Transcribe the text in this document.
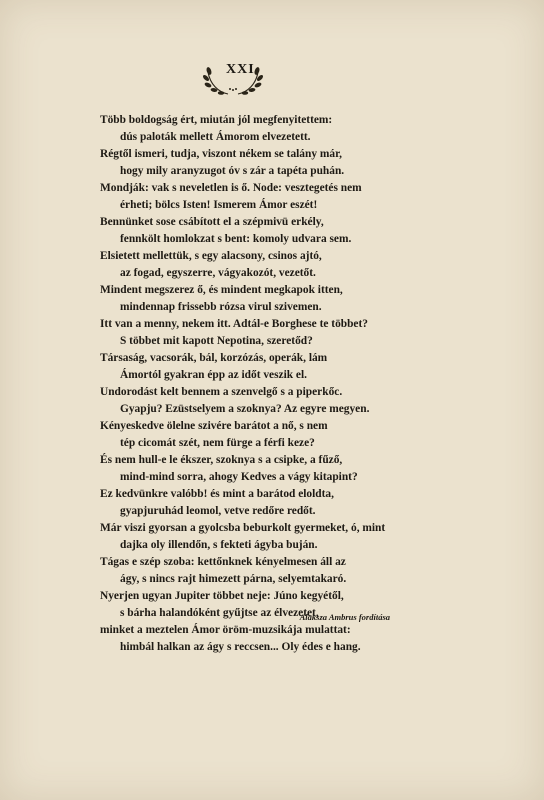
XXI
Több boldogság ért, miután jól megfenyitettem:
dús paloták mellett Ámorom elvezetett.
Régtől ismeri, tudja, viszont nékem se talány már,
hogy mily aranyzugot óv s zár a tapéta puhán.
Mondják: vak s neveletlen is ő. Node: vesztegetés nem
érheti; bölcs Isten! Ismerem Ámor eszét!
Bennünket sose csábított el a szépmivü erkély,
fennkölt homlokzat s bent: komoly udvara sem.
Elsietett mellettük, s egy alacsony, csinos ajtó,
az fogad, egyszerre, vágyakozót, vezetőt.
Mindent megszerez ő, és mindent megkapok itten,
mindennap frissebb rózsa virul szivemen.
Itt van a menny, nekem itt. Adtál-e Borghese te többet?
S többet mit kapott Nepotina, szeretőd?
Társaság, vacsorák, bál, korzózás, operák, lám
Ámortól gyakran épp az időt veszik el.
Undorodást kelt bennem a szenvelgő s a piperkőc.
Gyapju? Ezüstselyem a szoknya? Az egyre megyen.
Kényeskedve ölelne szivére barátot a nő, s nem
tép cicomát szét, nem fürge a férfi keze?
És nem hull-e le ékszer, szoknya s a csipke, a fűző,
mind-mind sorra, ahogy Kedves a vágy kitapint?
Ez kedvünkre valóbb! és mint a barátod eloldta,
gyapjuruhád leomol, vetve redőre redőt.
Már viszi gyorsan a gyolcsba beburkolt gyermeket, ó, mint
dajka oly illendőn, s fekteti ágyba buján.
Tágas e szép szoba: kettőnknek kényelmesen áll az
ágy, s nincs rajt himezett párna, selyemtakaró.
Nyerjen ugyan Jupiter többet neje: Júno kegyétől,
s bárha halandóként gyűjtse az élvezetet,
minket a meztelen Ámor öröm-muzsikája mulattat:
himbál halkan az ágy s reccsen... Oly édes e hang.
Alaksza Ambrus fordítása
